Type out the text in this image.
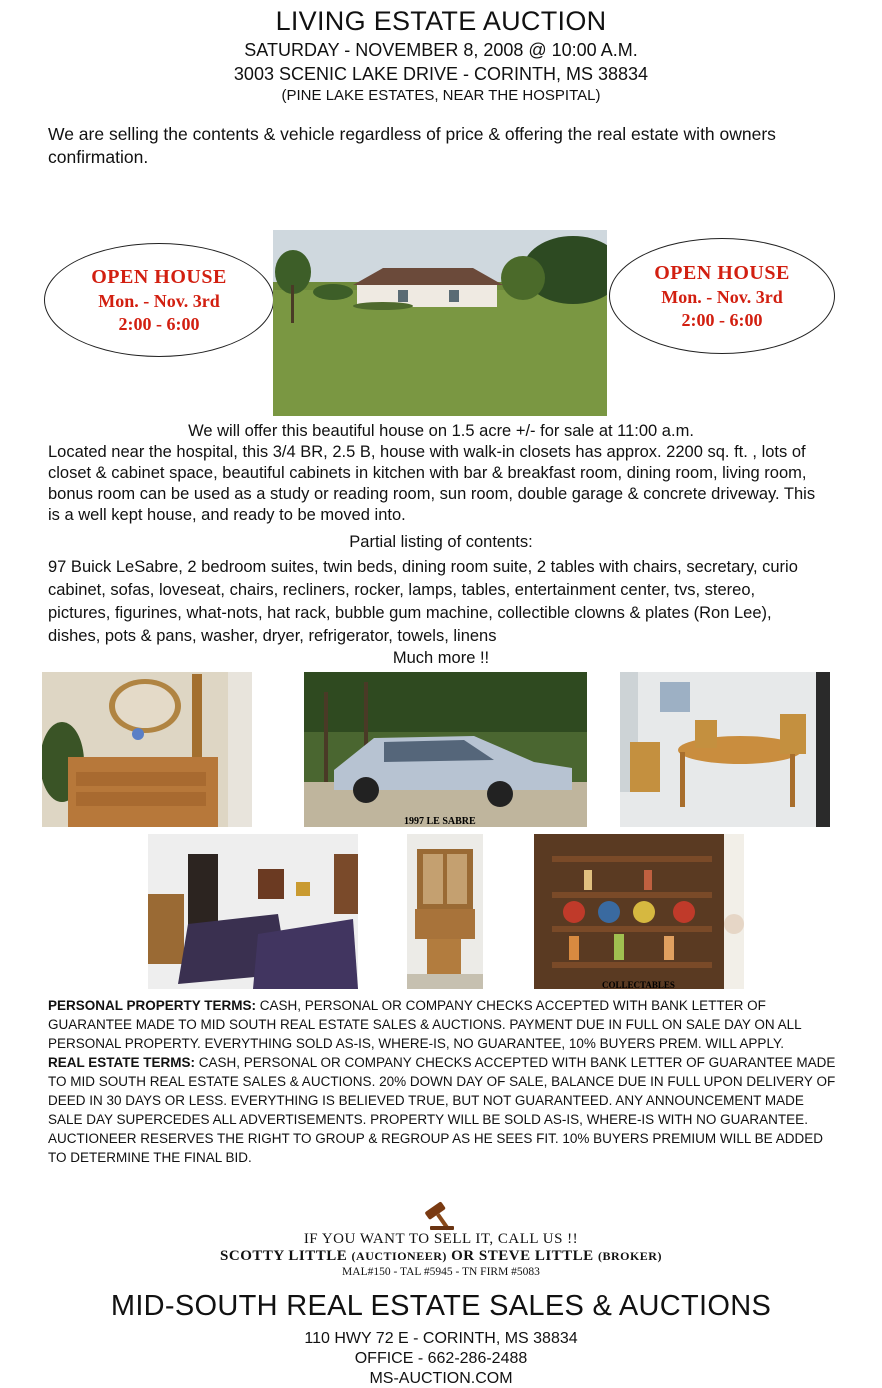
LIVING ESTATE AUCTION
SATURDAY - NOVEMBER 8, 2008 @ 10:00 A.M.
3003 SCENIC LAKE DRIVE - CORINTH, MS 38834
(PINE LAKE ESTATES, NEAR THE HOSPITAL)
We are selling the contents & vehicle regardless of price & offering the real estate with owners confirmation.
OPEN HOUSE
Mon. - Nov. 3rd
2:00 - 6:00
OPEN HOUSE
Mon. - Nov. 3rd
2:00 - 6:00
We will offer this beautiful house on 1.5 acre +/- for sale at 11:00 a.m.
Located near the hospital, this 3/4 BR, 2.5 B, house with walk-in closets has approx. 2200 sq. ft. , lots of closet & cabinet space, beautiful cabinets in kitchen with bar & breakfast room, dining room, living room, bonus room can be used as a study or reading room, sun room, double garage & concrete driveway. This is a well kept house, and ready to be moved into.
Partial listing of contents:
97 Buick LeSabre, 2 bedroom suites, twin beds, dining room suite, 2 tables with chairs, secretary, curio cabinet, sofas, loveseat, chairs, recliners, rocker, lamps, tables, entertainment center, tvs, stereo, pictures, figurines, what-nots, hat rack, bubble gum machine, collectible clowns & plates (Ron Lee), dishes, pots & pans, washer, dryer, refrigerator, towels, linens
Much more !!
1997 LE SABRE
COLLECTABLES
PERSONAL PROPERTY TERMS: CASH, PERSONAL OR COMPANY CHECKS ACCEPTED WITH BANK LETTER OF GUARANTEE MADE TO MID SOUTH REAL ESTATE SALES & AUCTIONS. PAYMENT DUE IN FULL ON SALE DAY ON ALL PERSONAL PROPERTY. EVERYTHING SOLD AS-IS, WHERE-IS, NO GUARANTEE, 10% BUYERS PREM. WILL APPLY.
REAL ESTATE TERMS: CASH, PERSONAL OR COMPANY CHECKS ACCEPTED WITH BANK LETTER OF GUARANTEE MADE TO MID SOUTH REAL ESTATE SALES & AUCTIONS. 20% DOWN DAY OF SALE, BALANCE DUE IN FULL UPON DELIVERY OF DEED IN 30 DAYS OR LESS. EVERYTHING IS BELIEVED TRUE, BUT NOT GUARANTEED. ANY ANNOUNCEMENT MADE SALE DAY SUPERCEDES ALL ADVERTISEMENTS. PROPERTY WILL BE SOLD AS-IS, WHERE-IS WITH NO GUARANTEE. AUCTIONEER RESERVES THE RIGHT TO GROUP & REGROUP AS HE SEES FIT. 10% BUYERS PREMIUM WILL BE ADDED TO DETERMINE THE FINAL BID.
IF YOU WANT TO SELL IT, CALL US !!
SCOTTY LITTLE (AUCTIONEER) OR STEVE LITTLE (BROKER)
MAL#150 - TAL #5945 - TN FIRM #5083
MID-SOUTH REAL ESTATE SALES & AUCTIONS
110 HWY 72 E - CORINTH, MS 38834
OFFICE - 662-286-2488
MS-AUCTION.COM
